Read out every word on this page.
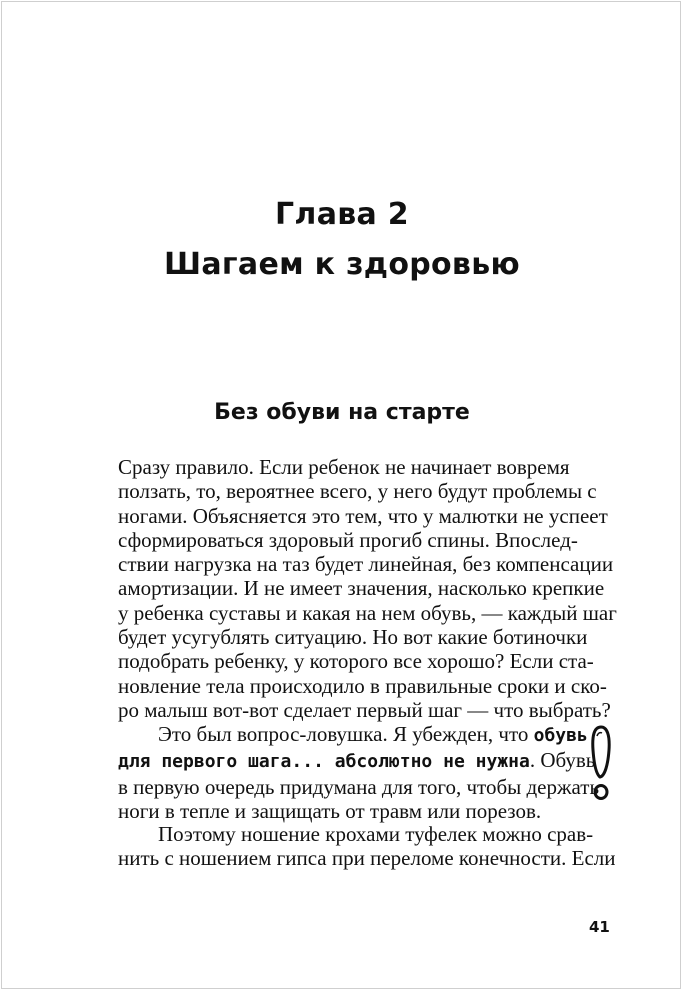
Глава 2
Шагаем к здоровью
Без обуви на старте
Сразу правило. Если ребенок не начинает вовремя
ползать, то, вероятнее всего, у него будут проблемы с
ногами. Объясняется это тем, что у малютки не успеет
сформироваться здоровый прогиб спины. Впослед-
ствии нагрузка на таз будет линейная, без компенсации
амортизации. И не имеет значения, насколько крепкие
у ребенка суставы и какая на нем обувь, — каждый шаг
будет усугублять ситуацию. Но вот какие ботиночки
подобрать ребенку, у которого все хорошо? Если ста-
новление тела происходило в правильные сроки и ско-
ро малыш вот-вот сделает первый шаг — что выбрать?
Это был вопрос-ловушка. Я убежден, что обувь
для первого шага... абсолютно не нужна. Обувь
в первую очередь придумана для того, чтобы держать
ноги в тепле и защищать от травм или порезов.
Поэтому ношение крохами туфелек можно срав-
нить с ношением гипса при переломе конечности. Если
41
